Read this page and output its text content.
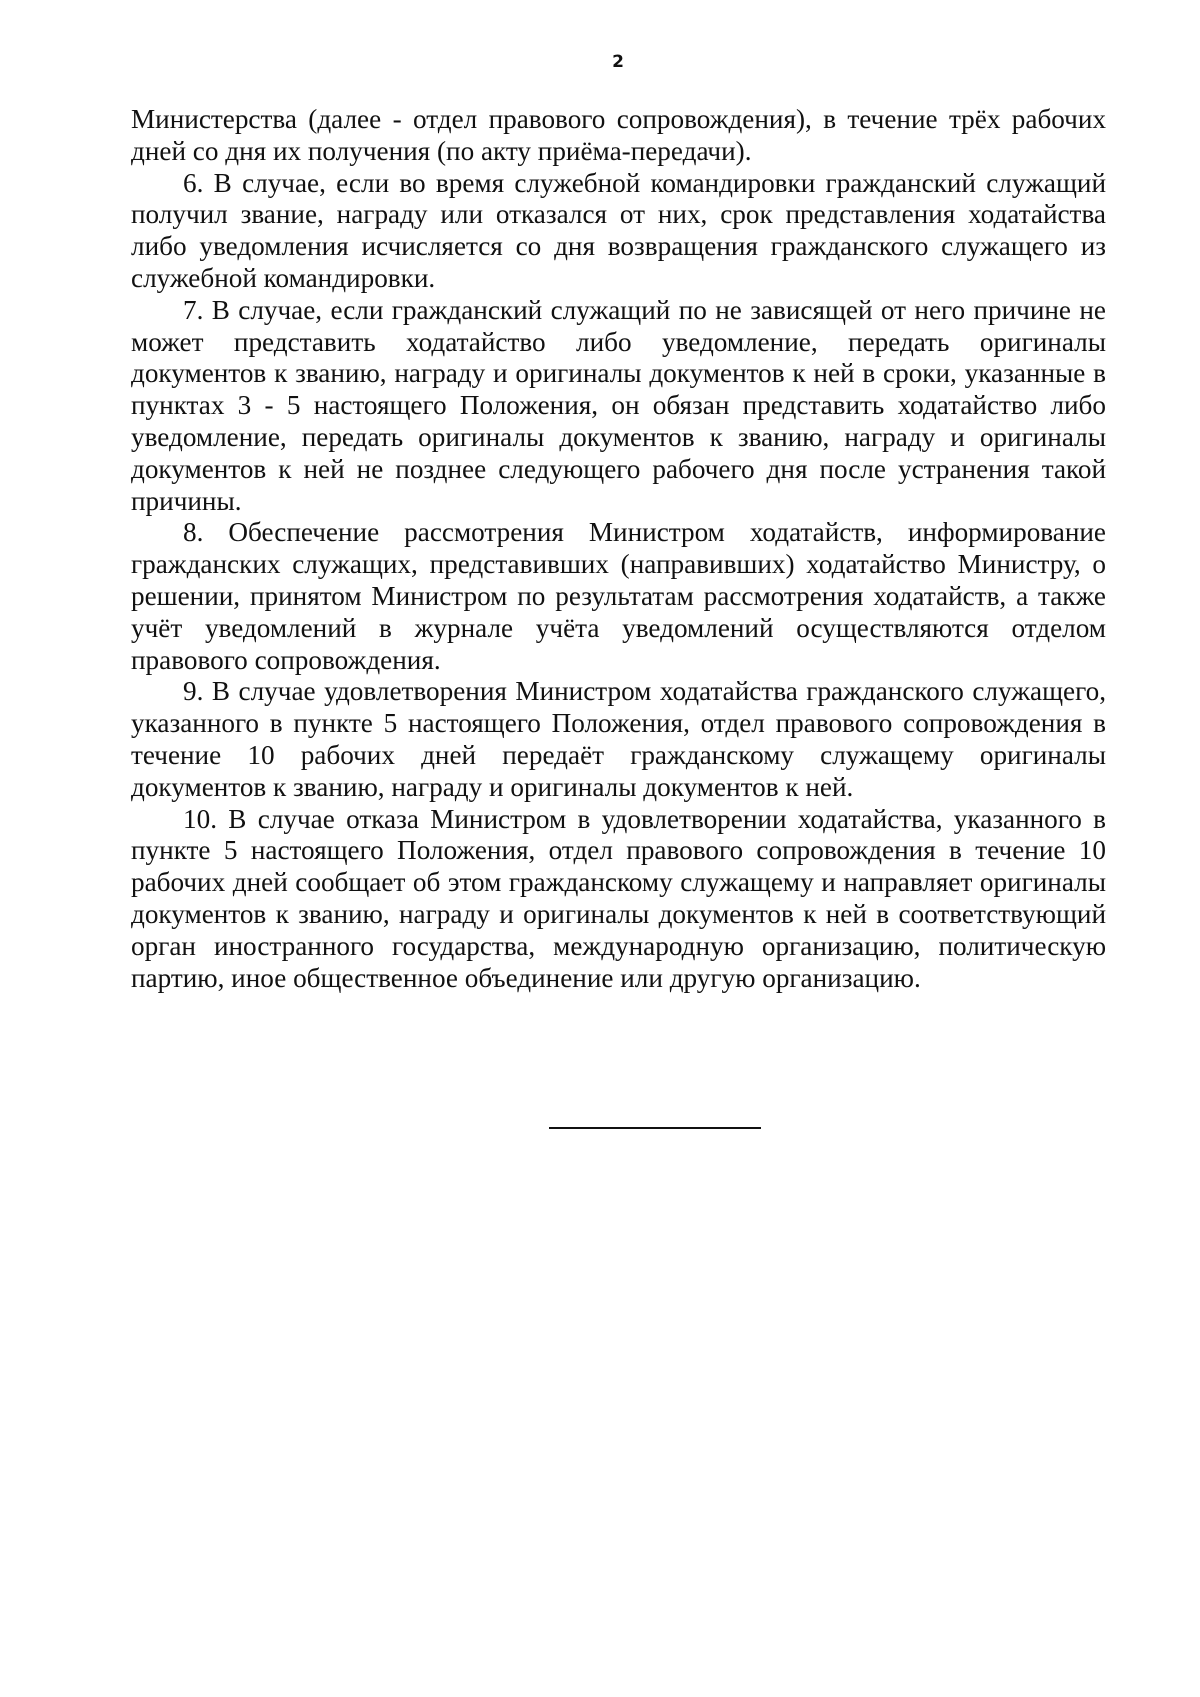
2

Министерства (далее - отдел правового сопровождения), в течение трёх рабочих дней со дня их получения (по акту приёма-передачи).

6. В случае, если во время служебной командировки гражданский служащий получил звание, награду или отказался от них, срок представления ходатайства либо уведомления исчисляется со дня возвращения гражданского служащего из служебной командировки.

7. В случае, если гражданский служащий по не зависящей от него причине не может представить ходатайство либо уведомление, передать оригиналы документов к званию, награду и оригиналы документов к ней в сроки, указанные в пунктах 3 - 5 настоящего Положения, он обязан представить ходатайство либо уведомление, передать оригиналы документов к званию, награду и оригиналы документов к ней не позднее следующего рабочего дня после устранения такой причины.

8. Обеспечение рассмотрения Министром ходатайств, информирование гражданских служащих, представивших (направивших) ходатайство Министру, о решении, принятом Министром по результатам рассмотрения ходатайств, а также учёт уведомлений в журнале учёта уведомлений осуществляются отделом правового сопровождения.

9. В случае удовлетворения Министром ходатайства гражданского служащего, указанного в пункте 5 настоящего Положения, отдел правового сопровождения в течение 10 рабочих дней передаёт гражданскому служащему оригиналы документов к званию, награду и оригиналы документов к ней.

10. В случае отказа Министром в удовлетворении ходатайства, указанного в пункте 5 настоящего Положения, отдел правового сопровождения в течение 10 рабочих дней сообщает об этом гражданскому служащему и направляет оригиналы документов к званию, награду и оригиналы документов к ней в соответствующий орган иностранного государства, международную организацию, политическую партию, иное общественное объединение или другую организацию.
